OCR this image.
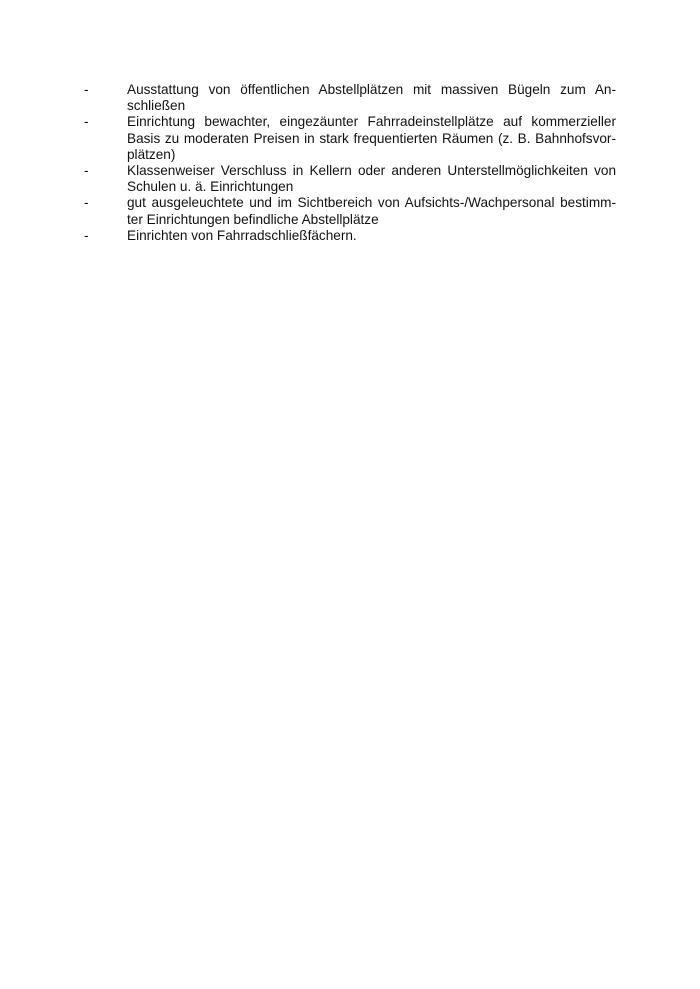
-	Ausstattung von öffentlichen Abstellplätzen mit massiven Bügeln zum An-
schließen
-	Einrichtung bewachter, eingezäunter Fahrradeinstellplätze auf kommerzieller
Basis zu moderaten Preisen in stark frequentierten Räumen (z. B. Bahnhofsvor-
plätzen)
-	Klassenweiser Verschluss in Kellern oder anderen Unterstellmöglichkeiten von
Schulen u. ä. Einrichtungen
-	gut ausgeleuchtete und im Sichtbereich von Aufsichts-/Wachpersonal bestimm-
ter Einrichtungen befindliche Abstellplätze
-	Einrichten von Fahrradschließfächern.
